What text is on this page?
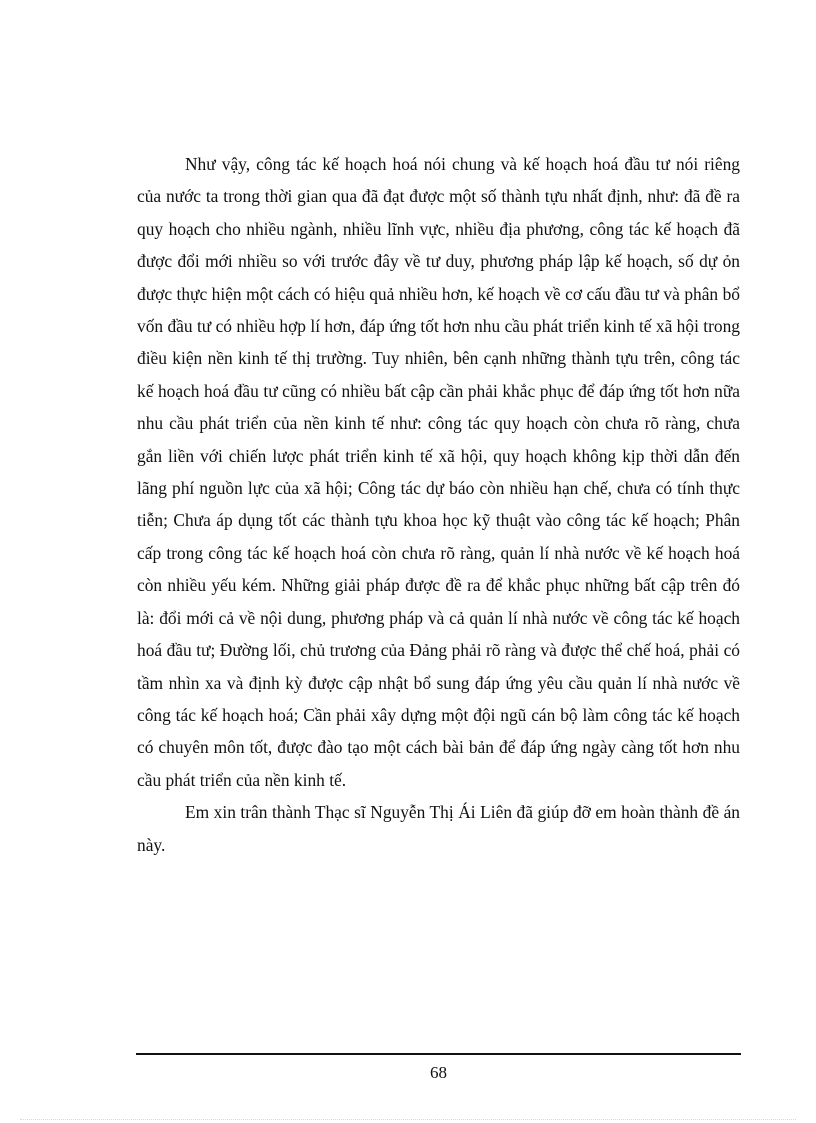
Như vậy, công tác kế hoạch hoá nói chung và kế hoạch hoá đầu tư nói riêng của nước ta trong thời gian qua đã đạt được một số thành tựu nhất định, như: đã đề ra quy hoạch cho nhiều ngành, nhiều lĩnh vực, nhiều địa phương, công tác kế hoạch đã được đổi mới nhiều so với trước đây về tư duy, phương pháp lập kế hoạch, số dự ỏn được thực hiện một cách có hiệu quả nhiều hơn, kế hoạch về cơ cấu đầu tư và phân bổ vốn đầu tư có nhiều hợp lí hơn, đáp ứng tốt hơn nhu cầu phát triển kinh tế xã hội trong điều kiện nền kinh tế thị trường. Tuy nhiên, bên cạnh những thành tựu trên, công tác kế hoạch hoá đầu tư cũng có nhiều bất cập cần phải khắc phục để đáp ứng tốt hơn nữa nhu cầu phát triển của nền kinh tế như: công tác quy hoạch còn chưa rõ ràng, chưa gắn liền với chiến lược phát triển kinh tế xã hội, quy hoạch không kịp thời dẫn đến lãng phí nguồn lực của xã hội; Công tác dự báo còn nhiều hạn chế, chưa có tính thực tiễn; Chưa áp dụng tốt các thành tựu khoa học kỹ thuật vào công tác kế hoạch; Phân cấp trong công tác kế hoạch hoá còn chưa rõ ràng, quản lí nhà nước về kế hoạch hoá còn nhiều yếu kém. Những giải pháp được đề ra để khắc phục những bất cập trên đó là: đổi mới cả về nội dung, phương pháp và cả quản lí nhà nước về công tác kế hoạch hoá đầu tư; Đường lối, chủ trương của Đảng phải rõ ràng và được thể chế hoá, phải có tầm nhìn xa và định kỳ được cập nhật bổ sung đáp ứng yêu cầu quản lí nhà nước về công tác kế hoạch hoá; Cần phải xây dựng một đội ngũ cán bộ làm công tác kế hoạch có chuyên môn tốt, được đào tạo một cách bài bản để đáp ứng ngày càng tốt hơn nhu cầu phát triển của nền kinh tế.

Em xin trân thành Thạc sĩ Nguyễn Thị Ái Liên đã giúp đỡ em hoàn thành đề án này.

68
